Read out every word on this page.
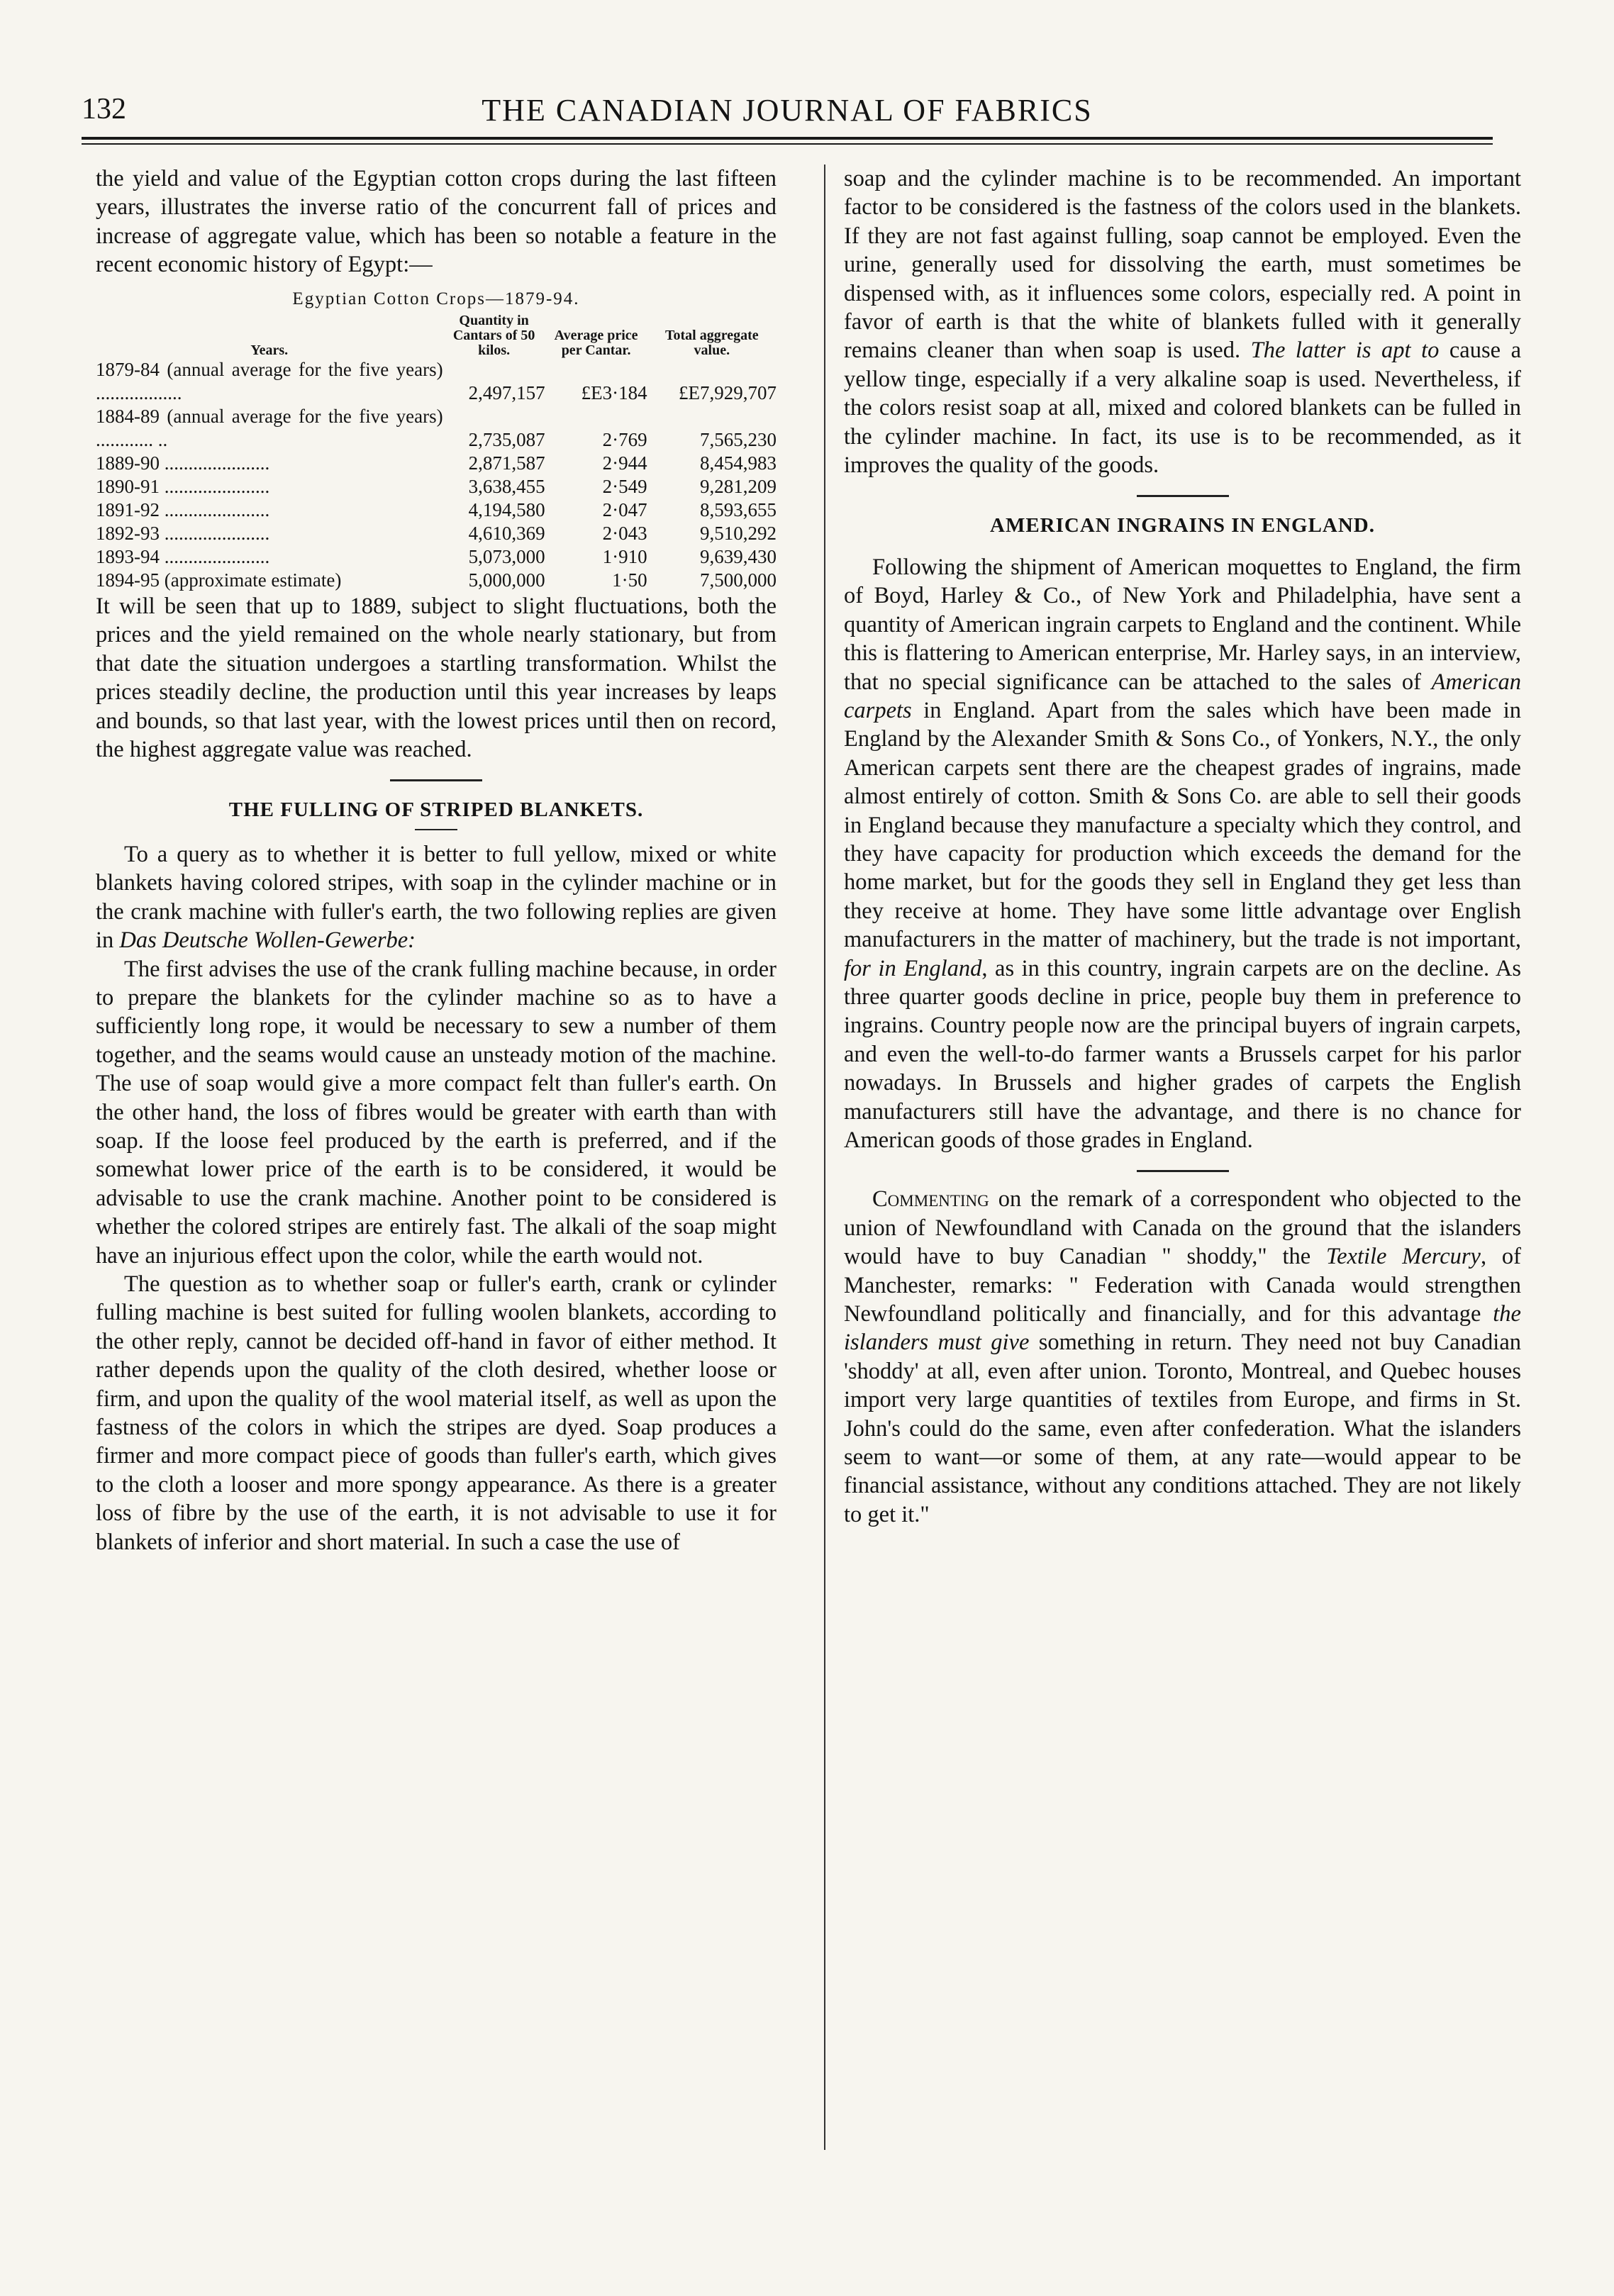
132	THE CANADIAN JOURNAL OF FABRICS

the yield and value of the Egyptian cotton crops during the last fifteen years, illustrates the inverse ratio of the concurrent fall of prices and increase of aggregate value, which has been so notable a feature in the recent economic history of Egypt:—

Egyptian Cotton Crops—1879-94.
Years.	Quantity in Cantars of 50 kilos.	Average price per Cantar.	Total aggregate value.
1879-84 (annual average for the five years) ..................	2,497,157	£E3·184	£E7,929,707
1884-89 (annual average for the five years) ............ ..	2,735,087	2·769	7,565,230
1889-90 ......................	2,871,587	2·944	8,454,983
1890-91 ......................	3,638,455	2·549	9,281,209
1891-92 ......................	4,194,580	2·047	8,593,655
1892-93 ......................	4,610,369	2·043	9,510,292
1893-94 ......................	5,073,000	1·910	9,639,430
1894-95 (approximate estimate)	5,000,000	1·50	7,500,000

It will be seen that up to 1889, subject to slight fluctuations, both the prices and the yield remained on the whole nearly stationary, but from that date the situation undergoes a startling transformation. Whilst the prices steadily decline, the production until this year increases by leaps and bounds, so that last year, with the lowest prices until then on record, the highest aggregate value was reached.

THE FULLING OF STRIPED BLANKETS.

To a query as to whether it is better to full yellow, mixed or white blankets having colored stripes, with soap in the cylinder machine or in the crank machine with fuller's earth, the two following replies are given in Das Deutsche Wollen-Gewerbe:

The first advises the use of the crank fulling machine because, in order to prepare the blankets for the cylinder machine so as to have a sufficiently long rope, it would be necessary to sew a number of them together, and the seams would cause an unsteady motion of the machine. The use of soap would give a more compact felt than fuller's earth. On the other hand, the loss of fibres would be greater with earth than with soap. If the loose feel produced by the earth is preferred, and if the somewhat lower price of the earth is to be considered, it would be advisable to use the crank machine. Another point to be considered is whether the colored stripes are entirely fast. The alkali of the soap might have an injurious effect upon the color, while the earth would not.

The question as to whether soap or fuller's earth, crank or cylinder fulling machine is best suited for fulling woolen blankets, according to the other reply, cannot be decided off-hand in favor of either method. It rather depends upon the quality of the cloth desired, whether loose or firm, and upon the quality of the wool material itself, as well as upon the fastness of the colors in which the stripes are dyed. Soap produces a firmer and more compact piece of goods than fuller's earth, which gives to the cloth a looser and more spongy appearance. As there is a greater loss of fibre by the use of the earth, it is not advisable to use it for blankets of inferior and short material. In such a case the use of

soap and the cylinder machine is to be recommended. An important factor to be considered is the fastness of the colors used in the blankets. If they are not fast against fulling, soap cannot be employed. Even the urine, generally used for dissolving the earth, must sometimes be dispensed with, as it influences some colors, especially red. A point in favor of earth is that the white of blankets fulled with it generally remains cleaner than when soap is used. The latter is apt to cause a yellow tinge, especially if a very alkaline soap is used. Nevertheless, if the colors resist soap at all, mixed and colored blankets can be fulled in the cylinder machine. In fact, its use is to be recommended, as it improves the quality of the goods.

AMERICAN INGRAINS IN ENGLAND.

Following the shipment of American moquettes to England, the firm of Boyd, Harley & Co., of New York and Philadelphia, have sent a quantity of American ingrain carpets to England and the continent. While this is flattering to American enterprise, Mr. Harley says, in an interview, that no special significance can be attached to the sales of American carpets in England. Apart from the sales which have been made in England by the Alexander Smith & Sons Co., of Yonkers, N.Y., the only American carpets sent there are the cheapest grades of ingrains, made almost entirely of cotton. Smith & Sons Co. are able to sell their goods in England because they manufacture a specialty which they control, and they have capacity for production which exceeds the demand for the home market, but for the goods they sell in England they get less than they receive at home. They have some little advantage over English manufacturers in the matter of machinery, but the trade is not important, for in England, as in this country, ingrain carpets are on the decline. As three quarter goods decline in price, people buy them in preference to ingrains. Country people now are the principal buyers of ingrain carpets, and even the well-to-do farmer wants a Brussels carpet for his parlor nowadays. In Brussels and higher grades of carpets the English manufacturers still have the advantage, and there is no chance for American goods of those grades in England.

Commenting on the remark of a correspondent who objected to the union of Newfoundland with Canada on the ground that the islanders would have to buy Canadian " shoddy," the Textile Mercury, of Manchester, remarks: " Federation with Canada would strengthen Newfoundland politically and financially, and for this advantage the islanders must give something in return. They need not buy Canadian 'shoddy' at all, even after union. Toronto, Montreal, and Quebec houses import very large quantities of textiles from Europe, and firms in St. John's could do the same, even after confederation. What the islanders seem to want—or some of them, at any rate—would appear to be financial assistance, without any conditions attached. They are not likely to get it."
